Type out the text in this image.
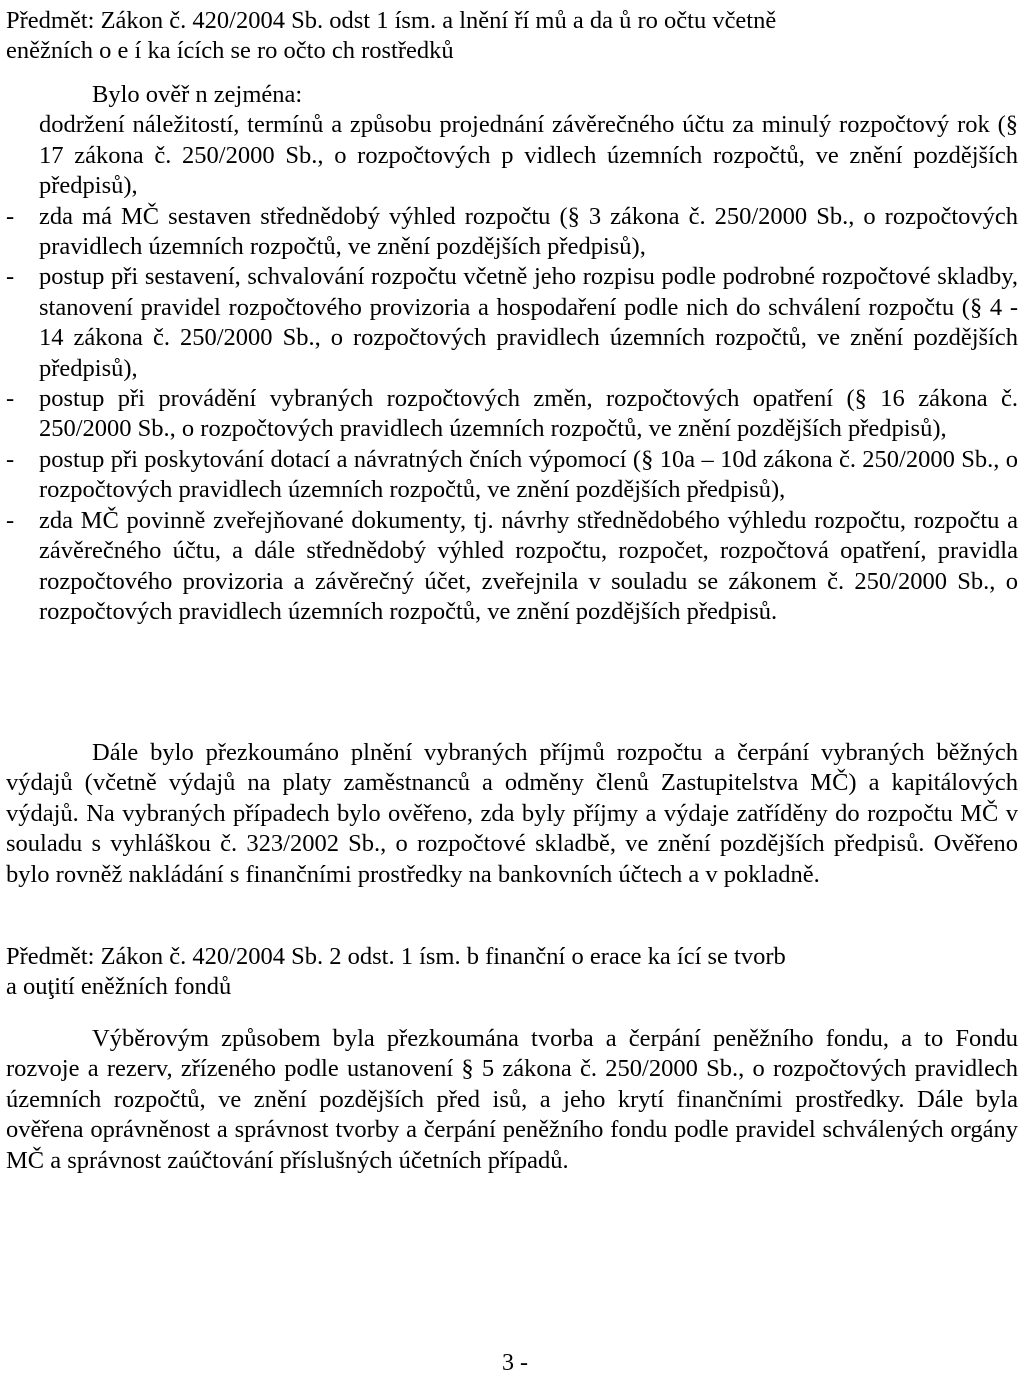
Předmět: Zákon č. 420/2004 Sb. odst 1 ísm. a lnění ří mů a da ů ro očtu včetně

eněžních o e í ka ících se ro očto ch rostředků

Bylo ověř n zejména:

dodržení náležitostí, termínů a způsobu projednání závěrečného účtu za minulý rozpočtový rok (§ 17 zákona č. 250/2000 Sb., o rozpočtových p vidlech územních rozpočtů, ve znění pozdějších předpisů),

- zda má MČ sestaven střednědobý výhled rozpočtu (§ 3 zákona č. 250/2000 Sb., o rozpočtových pravidlech územních rozpočtů, ve znění pozdějších předpisů),

- postup při sestavení, schvalování rozpočtu včetně jeho rozpisu podle podrobné rozpočtové skladby, stanovení pravidel rozpočtového provizoria a hospodaření podle nich do schválení rozpočtu (§ 4 - 14 zákona č. 250/2000 Sb., o rozpočtových pravidlech územních rozpočtů, ve znění pozdějších předpisů),

- postup při provádění vybraných rozpočtových změn, rozpočtových opatření (§ 16 zákona č. 250/2000 Sb., o rozpočtových pravidlech územních rozpočtů, ve znění pozdějších předpisů),

- postup při poskytování dotací a návratných čních výpomocí (§ 10a – 10d zákona č. 250/2000 Sb., o rozpočtových pravidlech územních rozpočtů, ve znění pozdějších předpisů),

- zda MČ povinně zveřejňované dokumenty, tj. návrhy střednědobého výhledu rozpočtu, rozpočtu a závěrečného účtu, a dále střednědobý výhled rozpočtu, rozpočet, rozpočtová opatření, pravidla rozpočtového provizoria a závěrečný účet, zveřejnila v souladu se zákonem č. 250/2000 Sb., o rozpočtových pravidlech územních rozpočtů, ve znění pozdějších předpisů.

Dále bylo přezkoumáno plnění vybraných příjmů rozpočtu a čerpání vybraných běžných výdajů (včetně výdajů na platy zaměstnanců a odměny členů Zastupitelstva MČ) a kapitálových výdajů. Na vybraných případech bylo ověřeno, zda byly příjmy a výdaje zatříděny do rozpočtu MČ v souladu s vyhláškou č. 323/2002 Sb., o rozpočtové skladbě, ve znění pozdějších předpisů. Ověřeno bylo rovněž nakládání s finančními prostředky na bankovních účtech a v pokladně.

Předmět: Zákon č. 420/2004 Sb. 2 odst. 1 ísm. b finanční o erace ka ící se tvorb

a ouţití eněžních fondů

Výběrovým způsobem byla přezkoumána tvorba a čerpání peněžního fondu, a to Fondu rozvoje a rezerv, zřízeného podle ustanovení § 5 zákona č. 250/2000 Sb., o rozpočtových pravidlech územních rozpočtů, ve znění pozdějších před isů, a jeho krytí finančními prostředky. Dále byla ověřena oprávněnost a správnost tvorby a čerpání peněžního fondu podle pravidel schválených orgány MČ a správnost zaúčtování příslušných účetních případů.

3 -
